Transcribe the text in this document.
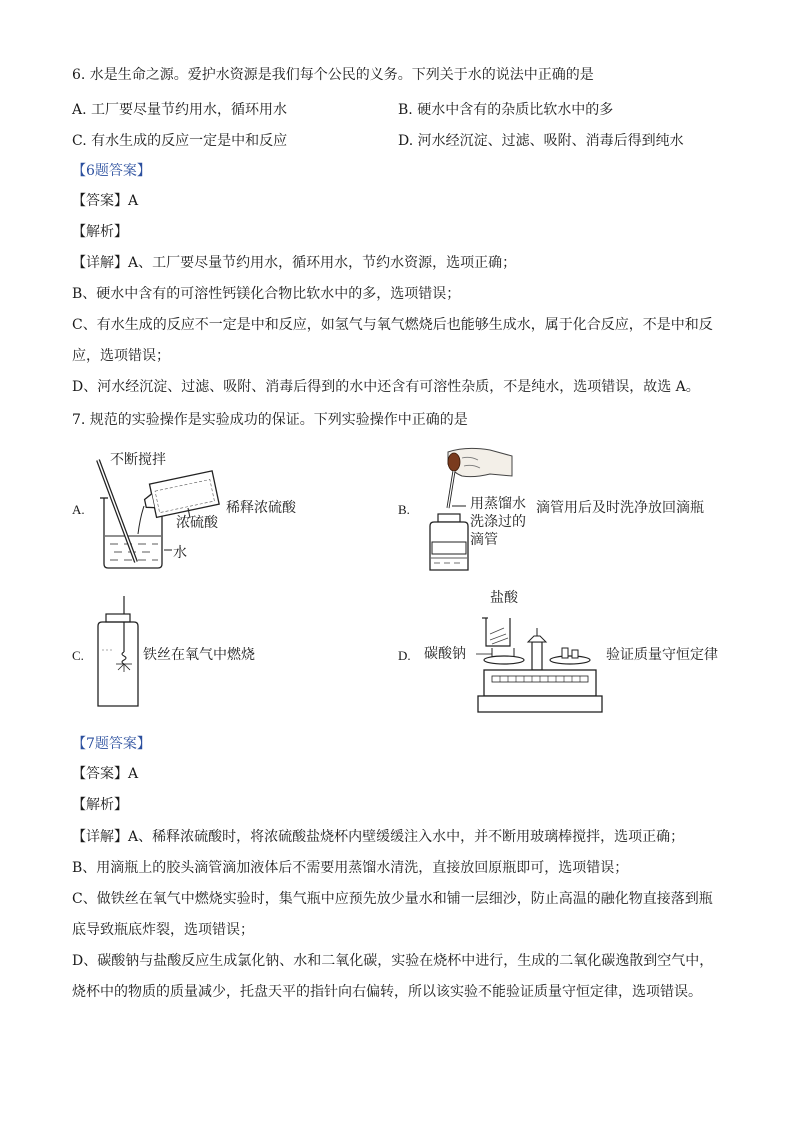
6. 水是生命之源。爱护水资源是我们每个公民的义务。下列关于水的说法中正确的是
A. 工厂要尽量节约用水，循环用水	B. 硬水中含有的杂质比软水中的多
C. 有水生成的反应一定是中和反应	D. 河水经沉淀、过滤、吸附、消毒后得到纯水
【6题答案】
【答案】A
【解析】
【详解】A、工厂要尽量节约用水，循环用水，节约水资源，选项正确；
B、硬水中含有的可溶性钙镁化合物比软水中的多，选项错误；
C、有水生成的反应不一定是中和反应，如氢气与氧气燃烧后也能够生成水，属于化合反应，不是中和反
应，选项错误；
D、河水经沉淀、过滤、吸附、消毒后得到的水中还含有可溶性杂质，不是纯水，选项错误，故选 A。
7. 规范的实验操作是实验成功的保证。下列实验操作中正确的是
A.
不断搅拌
稀释浓硫酸
浓硫酸
水
B.	用蒸馏水
洗涤过的
滴管
滴管用后及时洗净放回滴瓶
C.	铁丝在氧气中燃烧	D.
盐酸
碳酸钠	验证质量守恒定律
【7题答案】
【答案】A
【解析】
【详解】A、稀释浓硫酸时，将浓硫酸盐烧杯内壁缓缓注入水中，并不断用玻璃棒搅拌，选项正确；
B、用滴瓶上的胶头滴管滴加液体后不需要用蒸馏水清洗，直接放回原瓶即可，选项错误；
C、做铁丝在氧气中燃烧实验时，集气瓶中应预先放少量水和铺一层细沙，防止高温的融化物直接落到瓶
底导致瓶底炸裂，选项错误；
D、碳酸钠与盐酸反应生成氯化钠、水和二氧化碳，实验在烧杯中进行，生成的二氧化碳逸散到空气中，
烧杯中的物质的质量减少，托盘天平的指针向右偏转，所以该实验不能验证质量守恒定律，选项错误。
